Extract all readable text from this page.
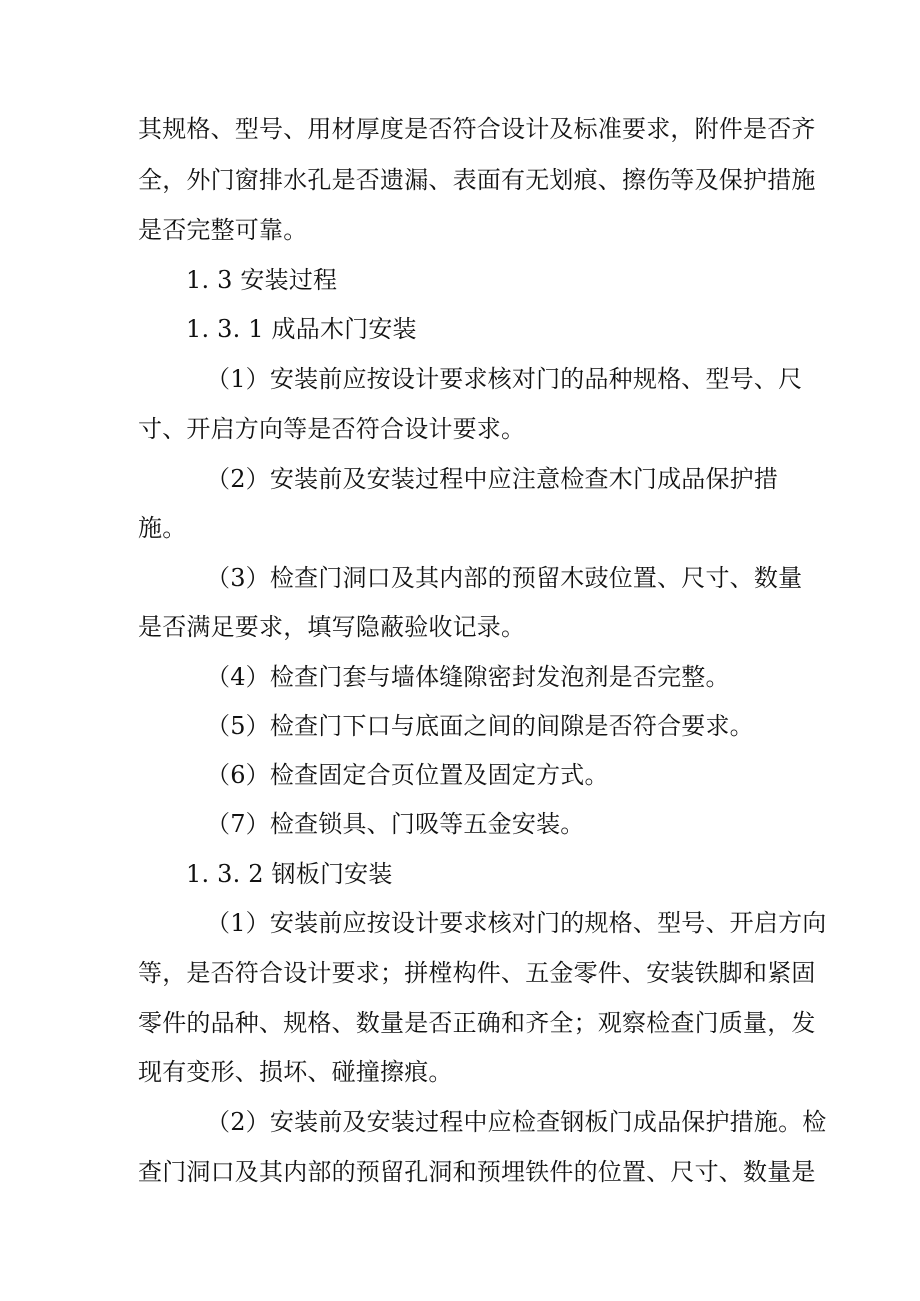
其规格、型号、用材厚度是否符合设计及标准要求，附件是否齐
全，外门窗排水孔是否遗漏、表面有无划痕、擦伤等及保护措施
是否完整可靠。
1. 3 安装过程
1. 3. 1 成品木门安装
（1）安装前应按设计要求核对门的品种规格、型号、尺
寸、开启方向等是否符合设计要求。
（2）安装前及安装过程中应注意检查木门成品保护措
施。
（3）检查门洞口及其内部的预留木豉位置、尺寸、数量
是否满足要求，填写隐蔽验收记录。
（4）检查门套与墙体缝隙密封发泡剂是否完整。
（5）检查门下口与底面之间的间隙是否符合要求。
（6）检查固定合页位置及固定方式。
（7）检查锁具、门吸等五金安装。
1. 3. 2 钢板门安装
（1）安装前应按设计要求核对门的规格、型号、开启方向
等，是否符合设计要求；拼樘构件、五金零件、安装铁脚和紧固
零件的品种、规格、数量是否正确和齐全；观察检查门质量，发
现有变形、损坏、碰撞擦痕。
（2）安装前及安装过程中应检查钢板门成品保护措施。检
查门洞口及其内部的预留孔洞和预埋铁件的位置、尺寸、数量是
